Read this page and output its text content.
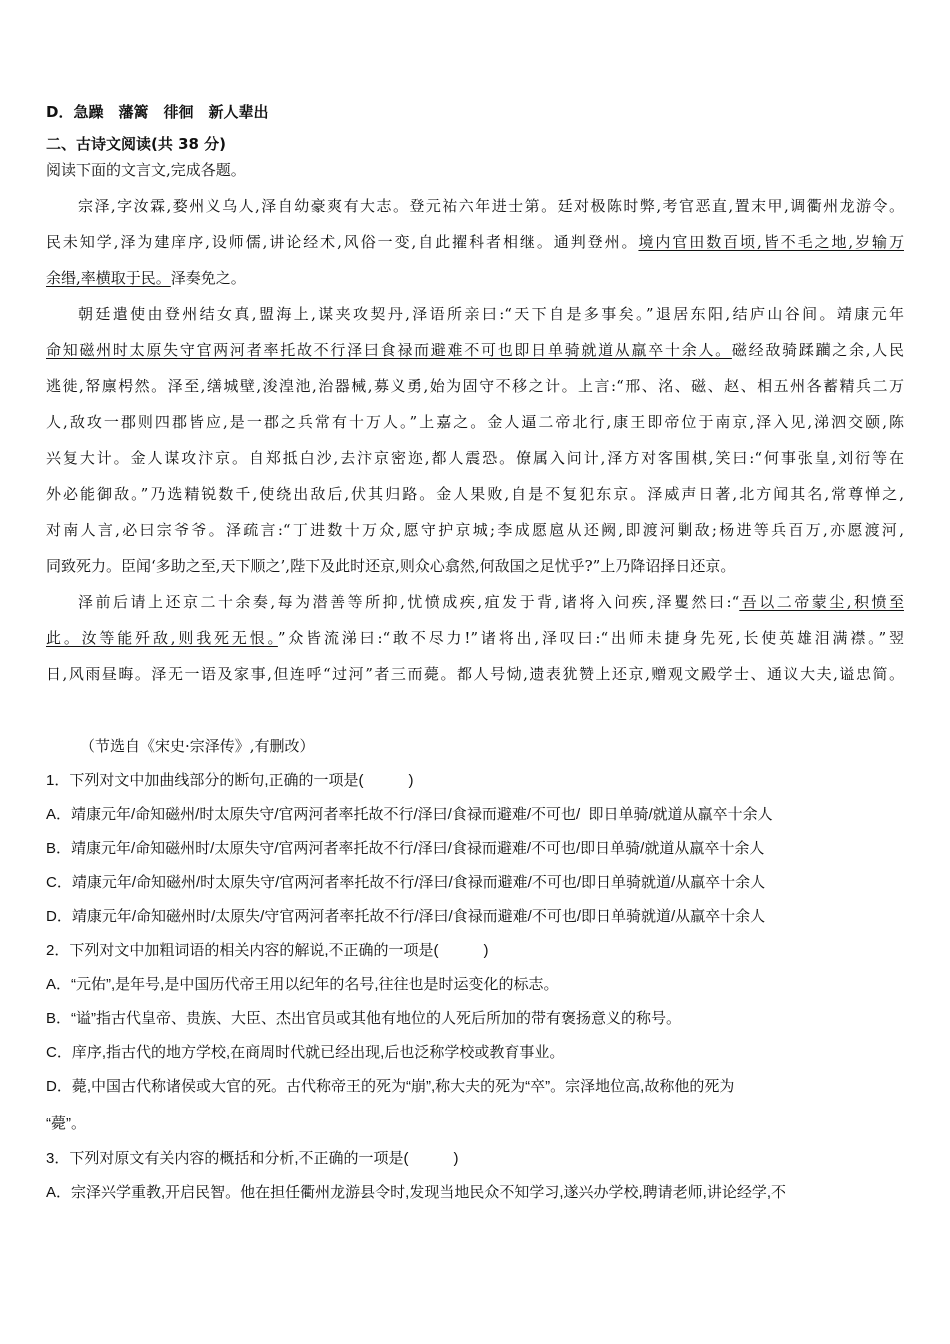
D．急躁　藩篱　徘徊　新人辈出
二、古诗文阅读(共 38 分)
阅读下面的文言文,完成各题。
宗泽,字汝霖,婺州义乌人,泽自幼豪爽有大志。登元祐六年进士第。廷对极陈时弊,考官恶直,置末甲,调衢州龙游令。
民未知学,泽为建庠序,设师儒,讲论经术,风俗一变,自此擢科者相继。通判登州。境内官田数百顷,皆不毛之地,岁输万
余缗,率横取于民。泽奏免之。
朝廷遣使由登州结女真,盟海上,谋夹攻契丹,泽语所亲曰:“天下自是多事矣。”退居东阳,结庐山谷间。靖康元年
命知磁州时太原失守官两河者率托故不行泽曰食禄而避难不可也即日单骑就道从羸卒十余人。磁经敌骑蹂躏之余,人民
逃徙,帑廪枵然。泽至,缮城壁,浚湟池,治器械,募义勇,始为固守不移之计。上言:“邢、洺、磁、赵、相五州各蓄精兵二万
人,敌攻一郡则四郡皆应,是一郡之兵常有十万人。”上嘉之。金人逼二帝北行,康王即帝位于南京,泽入见,涕泗交颐,陈
兴复大计。金人谋攻汴京。自郑抵白沙,去汴京密迩,都人震恐。僚属入问计,泽方对客围棋,笑曰:“何事张皇,刘衍等在
外必能御敌。”乃选精锐数千,使绕出敌后,伏其归路。金人果败,自是不复犯东京。泽威声日著,北方闻其名,常尊惮之,
对南人言,必曰宗爷爷。泽疏言:“丁进数十万众,愿守护京城;李成愿扈从还阙,即渡河剿敌;杨进等兵百万,亦愿渡河,
同致死力。臣闻‘多助之至,天下顺之’,陛下及此时还京,则众心翕然,何敌国之足忧乎?”上乃降诏择日还京。
泽前后请上还京二十余奏,每为潜善等所抑,忧愤成疾,疽发于背,诸将入问疾,泽矍然曰:“吾以二帝蒙尘,积愤至
此。汝等能歼敌,则我死无恨。”众皆流涕曰:“敢不尽力!”诸将出,泽叹曰:“出师未捷身先死,长使英雄泪满襟。”翌
日,风雨昼晦。泽无一语及家事,但连呼“过河”者三而薨。都人号恸,遗表犹赞上还京,赠观文殿学士、通议大夫,谥忠简。
（节选自《宋史·宗泽传》,有删改）
1．下列对文中加曲线部分的断句,正确的一项是(　　　)
A．靖康元年/命知磁州/时太原失守/官两河者率托故不行/泽曰/食禄而避难/不可也/  即日单骑/就道从羸卒十余人
B．靖康元年/命知磁州时/太原失守/官两河者率托故不行/泽曰/食禄而避难/不可也/即日单骑/就道从羸卒十余人
C．靖康元年/命知磁州/时太原失守/官两河者率托故不行/泽曰/食禄而避难/不可也/即日单骑就道/从羸卒十余人
D．靖康元年/命知磁州时/太原失/守官两河者率托故不行/泽曰/食禄而避难/不可也/即日单骑就道/从羸卒十余人
2．下列对文中加粗词语的相关内容的解说,不正确的一项是(　　　)
A．“元佑”,是年号,是中国历代帝王用以纪年的名号,往往也是时运变化的标志。
B．“谥”指古代皇帝、贵族、大臣、杰出官员或其他有地位的人死后所加的带有褒扬意义的称号。
C．庠序,指古代的地方学校,在商周时代就已经出现,后也泛称学校或教育事业。
D．薨,中国古代称诸侯或大官的死。古代称帝王的死为“崩”,称大夫的死为“卒”。宗泽地位高,故称他的死为
“薨”。
3．下列对原文有关内容的概括和分析,不正确的一项是(　　　)
A．宗泽兴学重教,开启民智。他在担任衢州龙游县令时,发现当地民众不知学习,遂兴办学校,聘请老师,讲论经学,不
